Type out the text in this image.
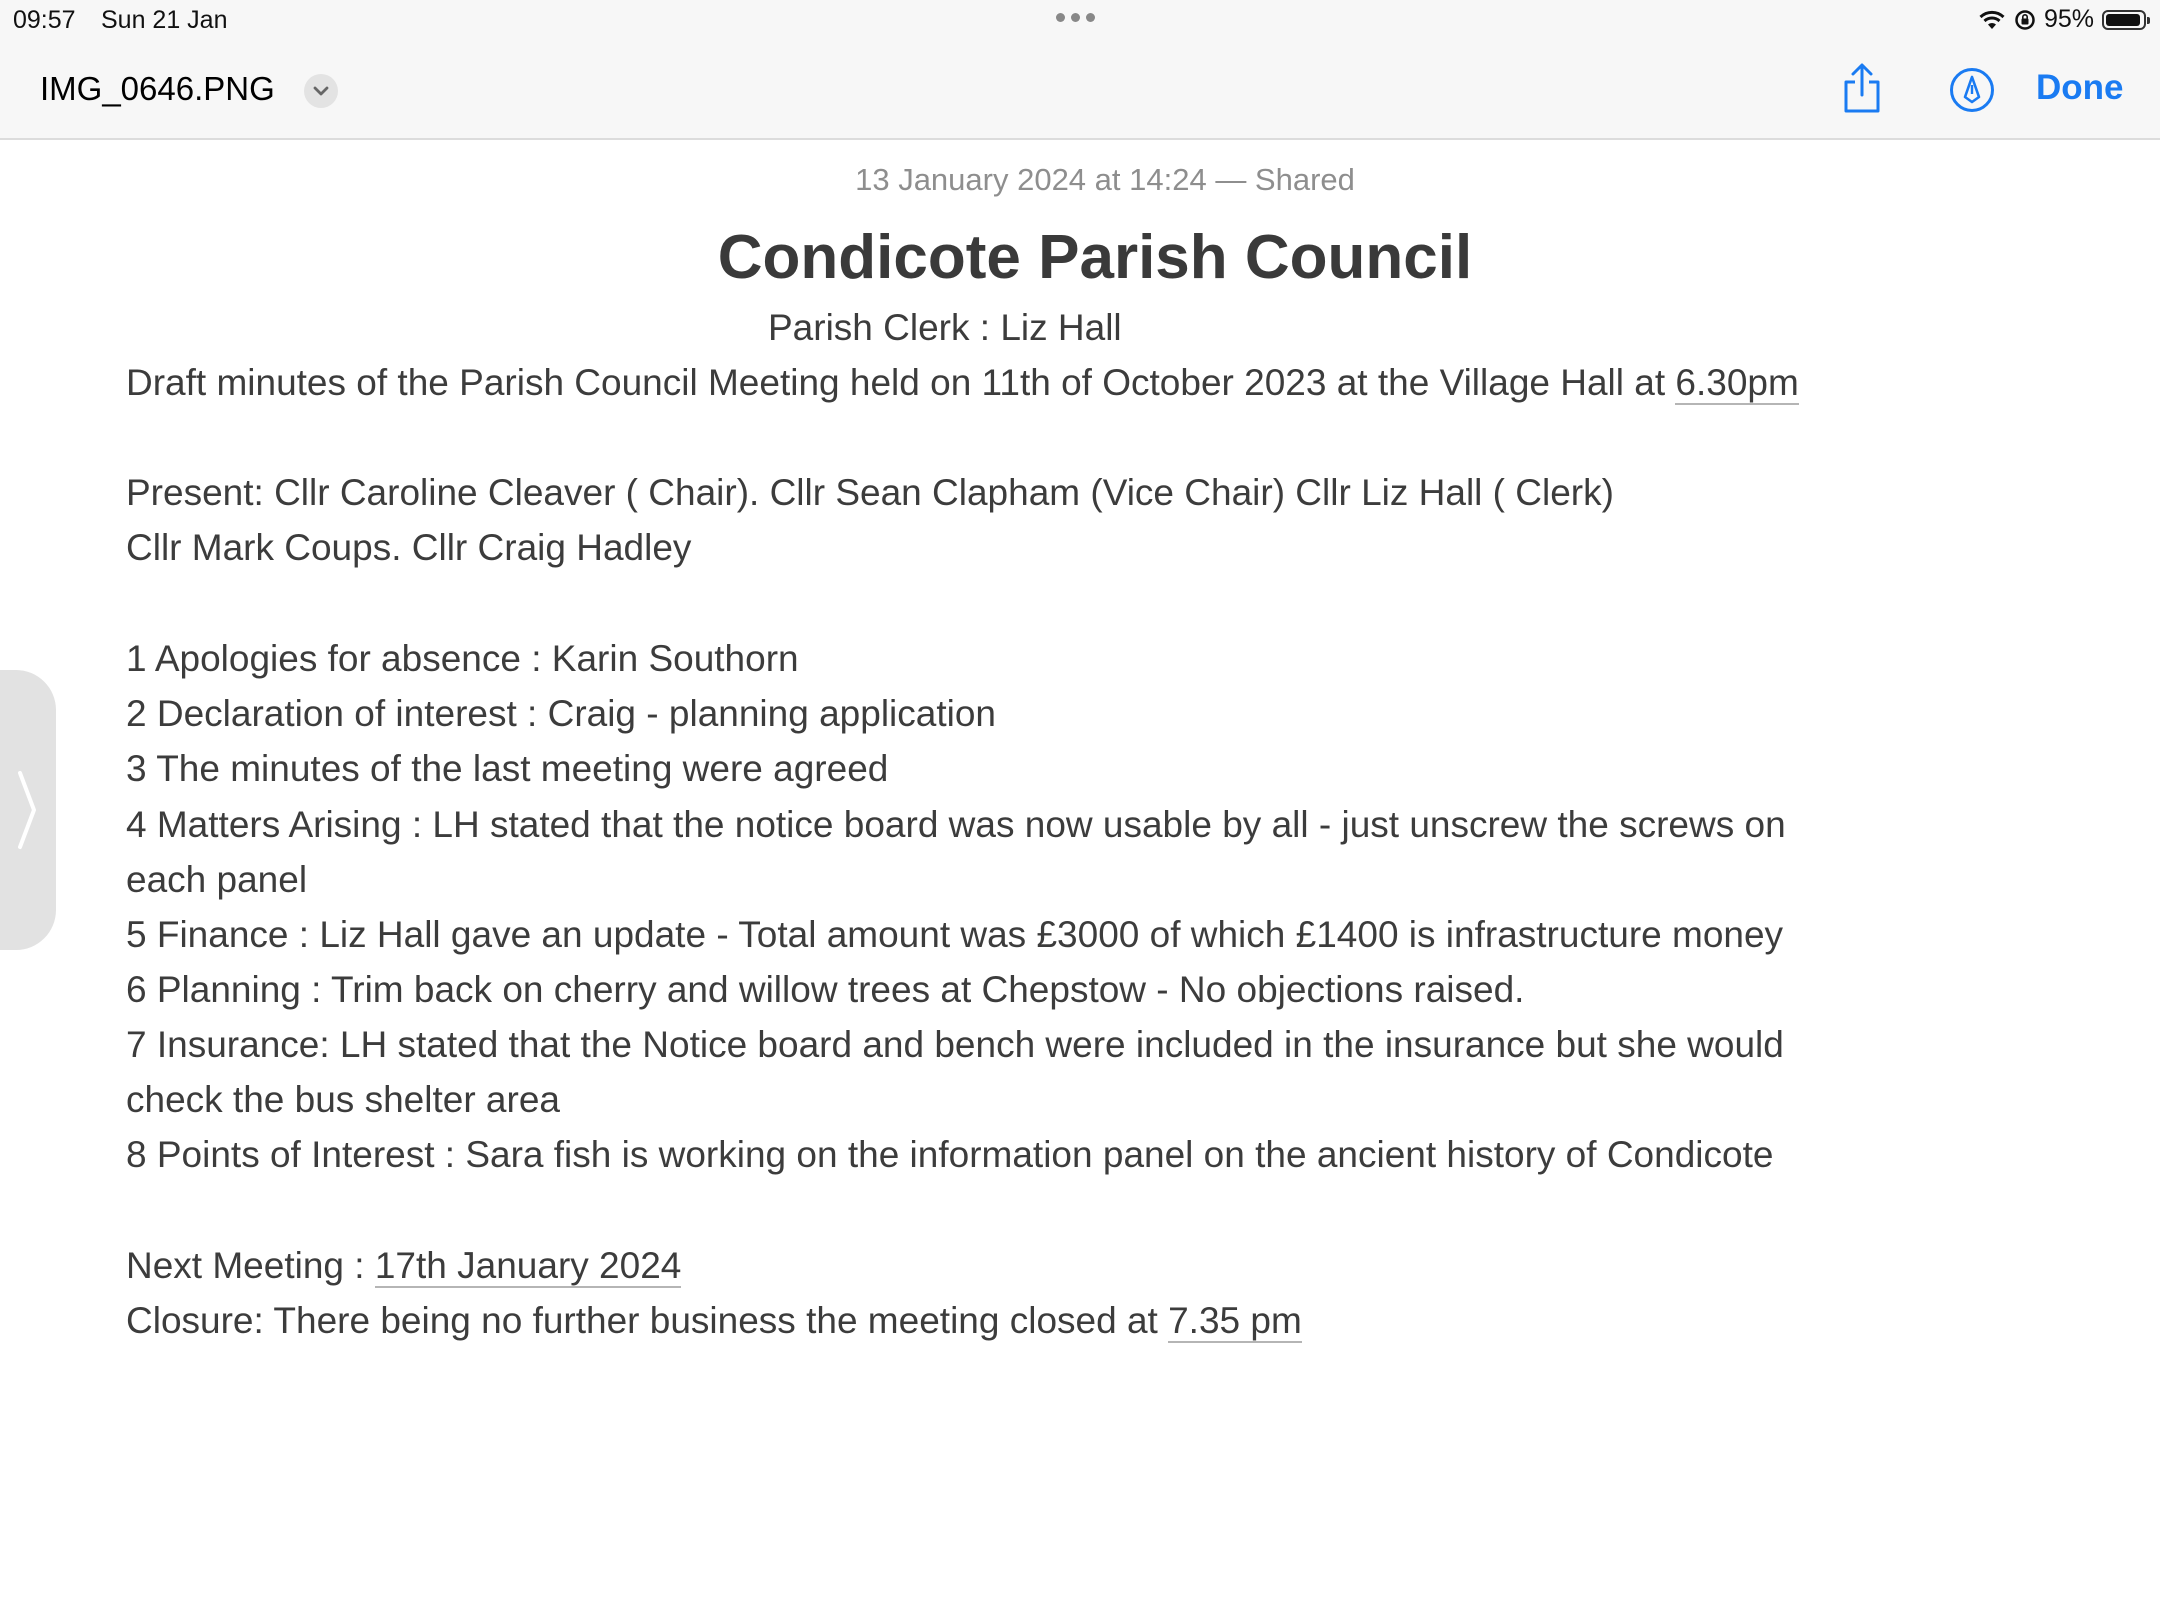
09:57 Sun 21 Jan	95%
IMG_0646.PNG	Done
13 January 2024 at 14:24 — Shared
Condicote Parish Council
Parish Clerk : Liz Hall
Draft minutes of the Parish Council Meeting held on 11th of October 2023 at the Village Hall at 6.30pm
Present: Cllr Caroline Cleaver ( Chair). Cllr Sean Clapham (Vice Chair) Cllr Liz Hall ( Clerk)
Cllr Mark Coups. Cllr Craig Hadley
1 Apologies for absence : Karin Southorn
2 Declaration of interest : Craig - planning application
3 The minutes of the last meeting were agreed
4 Matters Arising : LH stated that the notice board was now usable by all - just unscrew the screws on
each panel
5 Finance : Liz Hall gave an update - Total amount was £3000 of which £1400 is infrastructure money
6 Planning : Trim back on cherry and willow trees at Chepstow - No objections raised.
7 Insurance: LH stated that the Notice board and bench were included in the insurance but she would
check the bus shelter area
8 Points of Interest : Sara fish is working on the information panel on the ancient history of Condicote
Next Meeting : 17th January 2024
Closure: There being no further business the meeting closed at 7.35 pm
